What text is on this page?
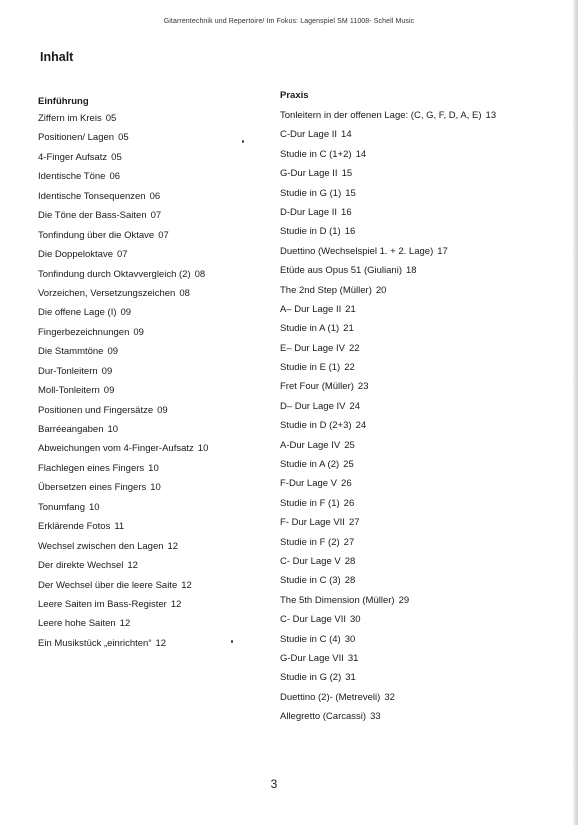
Gitarrentechnik und Repertoire/ Im Fokus: Lagenspiel SM 11008- Schell Music
Inhalt
Einführung
Ziffern im Kreis 05
Positionen/ Lagen 05
4-Finger Aufsatz 05
Identische Töne 06
Identische Tonsequenzen 06
Die Töne der Bass-Saiten 07
Tonfindung über die Oktave 07
Die Doppeloktave 07
Tonfindung durch Oktavvergleich (2) 08
Vorzeichen, Versetzungszeichen 08
Die offene Lage (I) 09
Fingerbezeichnungen 09
Die Stammtöne 09
Dur-Tonleitern 09
Moll-Tonleitern 09
Positionen und Fingersätze 09
Barréeangaben 10
Abweichungen vom 4-Finger-Aufsatz 10
Flachlegen eines Fingers 10
Übersetzen eines Fingers 10
Tonumfang 10
Erklärende Fotos 11
Wechsel zwischen den Lagen 12
Der direkte Wechsel 12
Der Wechsel über die leere Saite 12
Leere Saiten im Bass-Register 12
Leere hohe Saiten 12
Ein Musikstück „einrichten“ 12
Praxis
Tonleitern in der offenen Lage: (C, G, F, D, A, E) 13
C-Dur Lage II 14
Studie in C (1+2) 14
G-Dur Lage II 15
Studie in G (1) 15
D-Dur Lage II 16
Studie in D (1) 16
Duettino (Wechselspiel 1. + 2. Lage) 17
Etüde aus Opus 51 (Giuliani) 18
The 2nd Step (Müller) 20
A– Dur Lage II 21
Studie in A (1) 21
E– Dur Lage IV 22
Studie in E (1) 22
Fret Four (Müller) 23
D– Dur Lage IV 24
Studie in D (2+3) 24
A-Dur Lage IV 25
Studie in A (2) 25
F-Dur Lage V 26
Studie in F (1) 26
F- Dur Lage VII 27
Studie in F (2) 27
C- Dur Lage V 28
Studie in C (3) 28
The 5th Dimension (Müller) 29
C- Dur Lage VII 30
Studie in C (4) 30
G-Dur Lage VII 31
Studie in G (2) 31
Duettino (2)- (Metreveli) 32
Allegretto (Carcassi) 33
3
